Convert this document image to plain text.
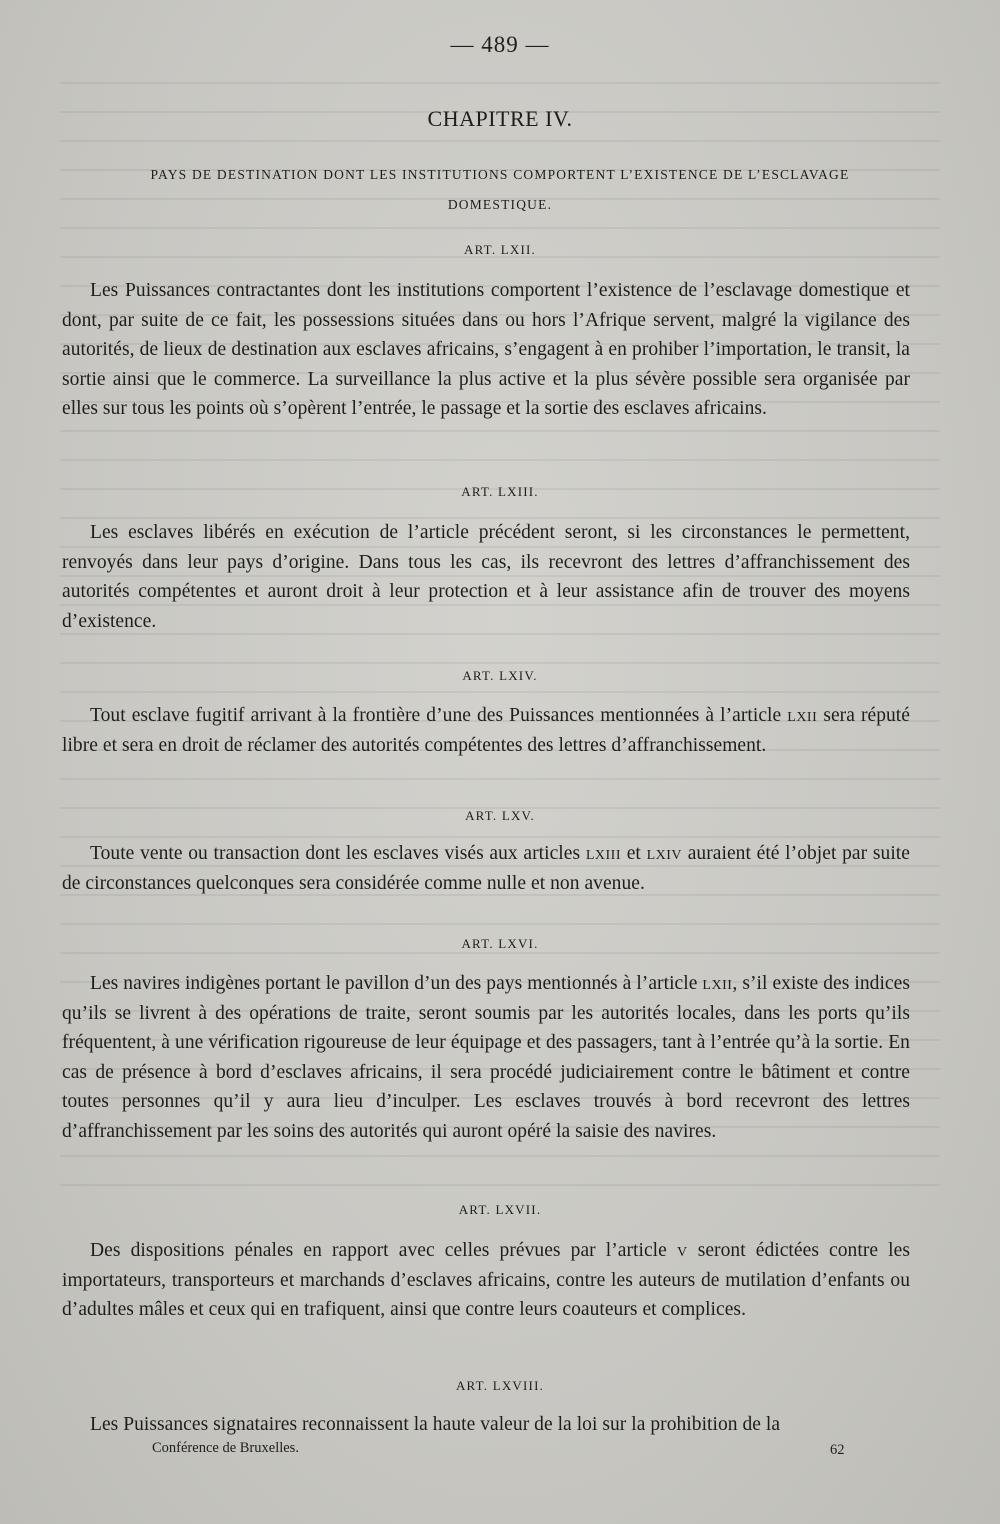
— 489 —
CHAPITRE IV.
PAYS DE DESTINATION DONT LES INSTITUTIONS COMPORTENT L’EXISTENCE DE L’ESCLAVAGE DOMESTIQUE.
ART. LXII.
Les Puissances contractantes dont les institutions comportent l’existence de l’esclavage domestique et dont, par suite de ce fait, les possessions situées dans ou hors l’Afrique servent, malgré la vigilance des autorités, de lieux de destination aux esclaves africains, s’engagent à en prohiber l’importation, le transit, la sortie ainsi que le commerce. La surveillance la plus active et la plus sévère possible sera organisée par elles sur tous les points où s’opèrent l’entrée, le passage et la sortie des esclaves africains.
ART. LXIII.
Les esclaves libérés en exécution de l’article précédent seront, si les circonstances le permettent, renvoyés dans leur pays d’origine. Dans tous les cas, ils recevront des lettres d’affranchissement des autorités compétentes et auront droit à leur protection et à leur assistance afin de trouver des moyens d’existence.
ART. LXIV.
Tout esclave fugitif arrivant à la frontière d’une des Puissances mentionnées à l’article lxii sera réputé libre et sera en droit de réclamer des autorités compétentes des lettres d’affranchissement.
ART. LXV.
Toute vente ou transaction dont les esclaves visés aux articles lxiii et lxiv auraient été l’objet par suite de circonstances quelconques sera considérée comme nulle et non avenue.
ART. LXVI.
Les navires indigènes portant le pavillon d’un des pays mentionnés à l’article lxii, s’il existe des indices qu’ils se livrent à des opérations de traite, seront soumis par les autorités locales, dans les ports qu’ils fréquentent, à une vérification rigoureuse de leur équipage et des passagers, tant à l’entrée qu’à la sortie. En cas de présence à bord d’esclaves africains, il sera procédé judiciairement contre le bâtiment et contre toutes personnes qu’il y aura lieu d’inculper. Les esclaves trouvés à bord recevront des lettres d’affranchissement par les soins des autorités qui auront opéré la saisie des navires.
ART. LXVII.
Des dispositions pénales en rapport avec celles prévues par l’article v seront édictées contre les importateurs, transporteurs et marchands d’esclaves africains, contre les auteurs de mutilation d’enfants ou d’adultes mâles et ceux qui en trafiquent, ainsi que contre leurs coauteurs et complices.
ART. LXVIII.
Les Puissances signataires reconnaissent la haute valeur de la loi sur la prohibition de la
Conférence de Bruxelles.	62
